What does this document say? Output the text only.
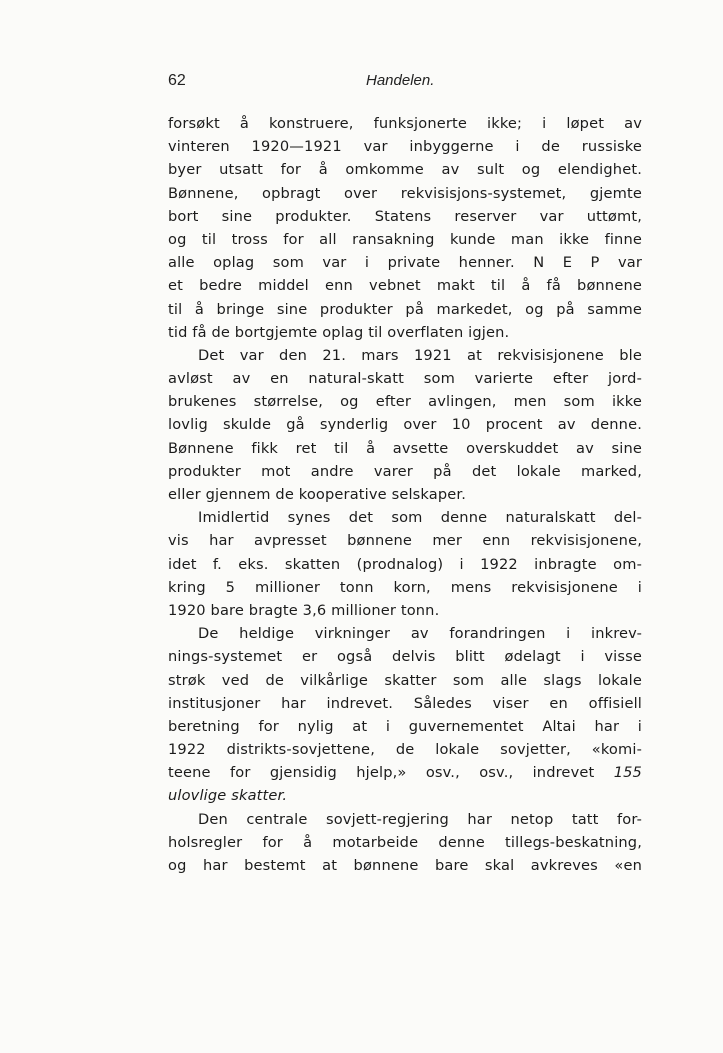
62	Handelen.
forsøkt å konstruere, funksjonerte ikke; i løpet av
vinteren 1920—1921 var inbyggerne i de russiske
byer utsatt for å omkomme av sult og elendighet.
Bønnene, opbragt over rekvisisjons-systemet, gjemte
bort sine produkter. Statens reserver var uttømt,
og til tross for all ransakning kunde man ikke finne
alle oplag som var i private henner. N E P var
et bedre middel enn vebnet makt til å få bønnene
til å bringe sine produkter på markedet, og på samme
tid få de bortgjemte oplag til overflaten igjen.
Det var den 21. mars 1921 at rekvisisjonene ble
avløst av en natural-skatt som varierte efter jord-
brukenes størrelse, og efter avlingen, men som ikke
lovlig skulde gå synderlig over 10 procent av denne.
Bønnene fikk ret til å avsette overskuddet av sine
produkter mot andre varer på det lokale marked,
eller gjennem de kooperative selskaper.
Imidlertid synes det som denne naturalskatt del-
vis har avpresset bønnene mer enn rekvisisjonene,
idet f. eks. skatten (prodnalog) i 1922 inbragte om-
kring 5 millioner tonn korn, mens rekvisisjonene i
1920 bare bragte 3,6 millioner tonn.
De heldige virkninger av forandringen i inkrev-
nings-systemet er også delvis blitt ødelagt i visse
strøk ved de vilkårlige skatter som alle slags lokale
institusjoner har indrevet. Således viser en offisiell
beretning for nylig at i guvernementet Altai har i
1922 distrikts-sovjettene, de lokale sovjetter, «komi-
teene for gjensidig hjelp,» osv., osv., indrevet 155
ulovlige skatter.
Den centrale sovjett-regjering har netop tatt for-
holsregler for å motarbeide denne tillegs-beskatning,
og har bestemt at bønnene bare skal avkreves «en
